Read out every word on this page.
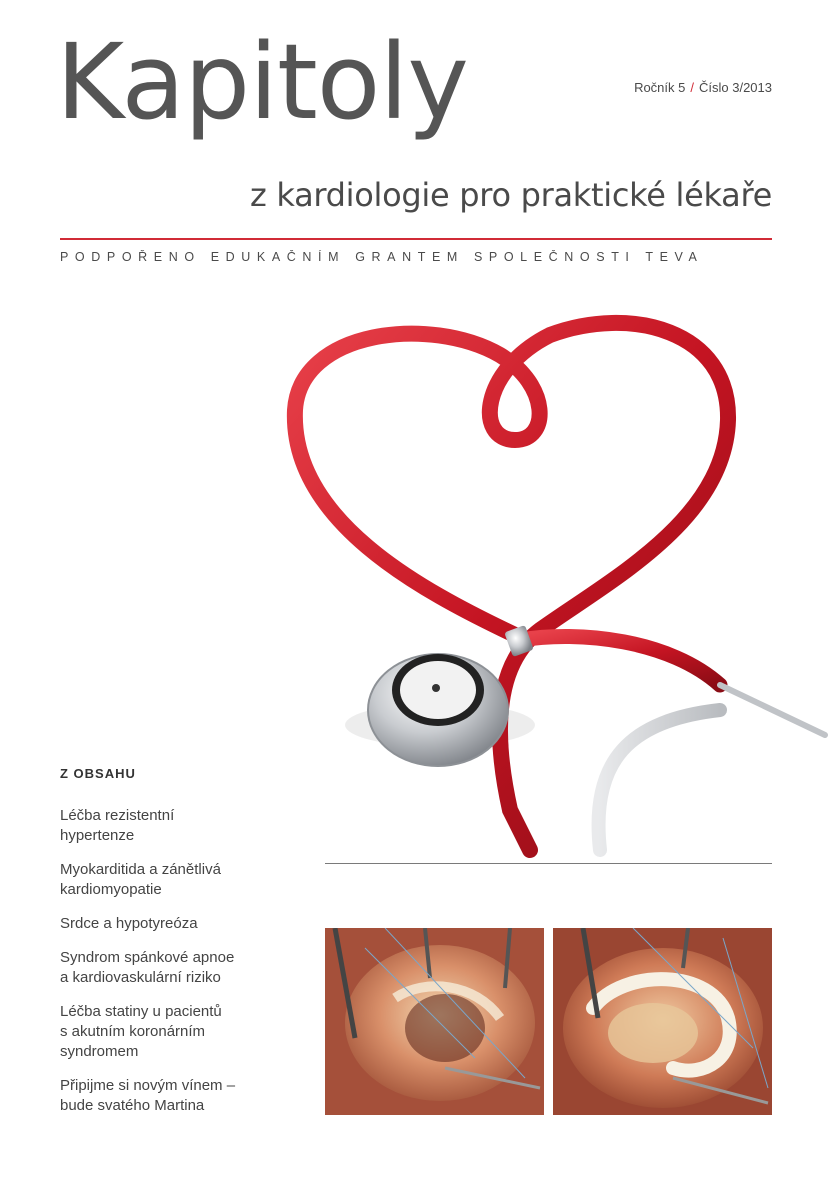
Kapitoly	Ročník 5 / Číslo 3/2013
z kardiologie pro praktické lékaře
PODPOŘENO EDUKAČNÍM GRANTEM SPOLEČNOSTI TEVA
Z OBSAHU
Léčba rezistentní
hypertenze
Myokarditida a zánětlivá
kardiomyopatie
Srdce a hypotyreóza
Syndrom spánkové apnoe
a kardiovaskulární riziko
Léčba statiny u pacientů
s akutním koronárním
syndromem
Připijme si novým vínem –
bude svatého Martina
